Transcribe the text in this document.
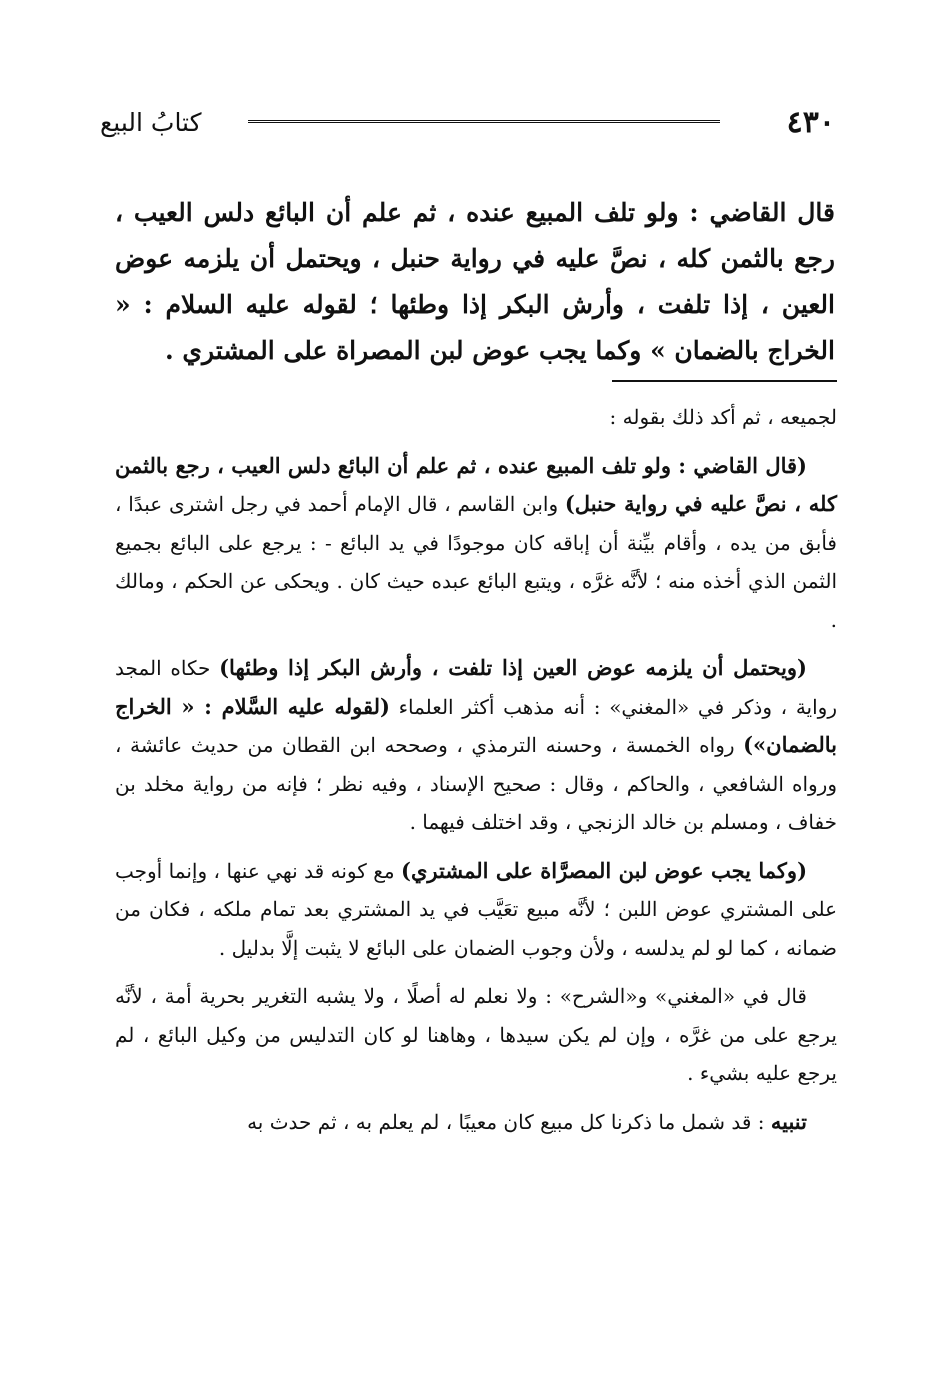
٤٣٠
كتابُ البيع
قال القاضي : ولو تلف المبيع عنده ، ثم علم أن البائع دلس العيب ، رجع بالثمن كله ، نصَّ عليه في رواية حنبل ، ويحتمل أن يلزمه عوض العين ، إذا تلفت ، وأرش البكر إذا وطئها ؛ لقوله عليه السلام : « الخراج بالضمان » وكما يجب عوض لبن المصراة على المشتري .

لجميعه ، ثم أكد ذلك بقوله :

(قال القاضي : ولو تلف المبيع عنده ، ثم علم أن البائع دلس العيب ، رجع بالثمن كله ، نصَّ عليه في رواية حنبل) وابن القاسم ، قال الإمام أحمد في رجل اشترى عبدًا ، فأبق من يده ، وأقام بيِّنة أن إباقه كان موجودًا في يد البائع - : يرجع على البائع بجميع الثمن الذي أخذه منه ؛ لأنَّه غرَّه ، ويتبع البائع عبده حيث كان . ويحكى عن الحكم ، ومالك .

(ويحتمل أن يلزمه عوض العين إذا تلفت ، وأرش البكر إذا وطئها) حكاه المجد رواية ، وذكر في «المغني» : أنه مذهب أكثر العلماء (لقوله عليه السَّلام : « الخراج بالضمان») رواه الخمسة ، وحسنه الترمذي ، وصححه ابن القطان من حديث عائشة ، ورواه الشافعي ، والحاكم ، وقال : صحيح الإسناد ، وفيه نظر ؛ فإنه من رواية مخلد بن خفاف ، ومسلم بن خالد الزنجي ، وقد اختلف فيهما .

(وكما يجب عوض لبن المصرَّاة على المشتري) مع كونه قد نهي عنها ، وإنما أوجب على المشتري عوض اللبن ؛ لأنَّه مبيع تعَيَّب في يد المشتري بعد تمام ملكه ، فكان من ضمانه ، كما لو لم يدلسه ، ولأن وجوب الضمان على البائع لا يثبت إلَّا بدليل .

قال في «المغني» و«الشرح» : ولا نعلم له أصلًا ، ولا يشبه التغرير بحرية أمة ، لأنَّه يرجع على من غرَّه ، وإن لم يكن سيدها ، وهاهنا لو كان التدليس من وكيل البائع ، لم يرجع عليه بشيء .

تنبيه : قد شمل ما ذكرنا كل مبيع كان معيبًا ، لم يعلم به ، ثم حدث به
